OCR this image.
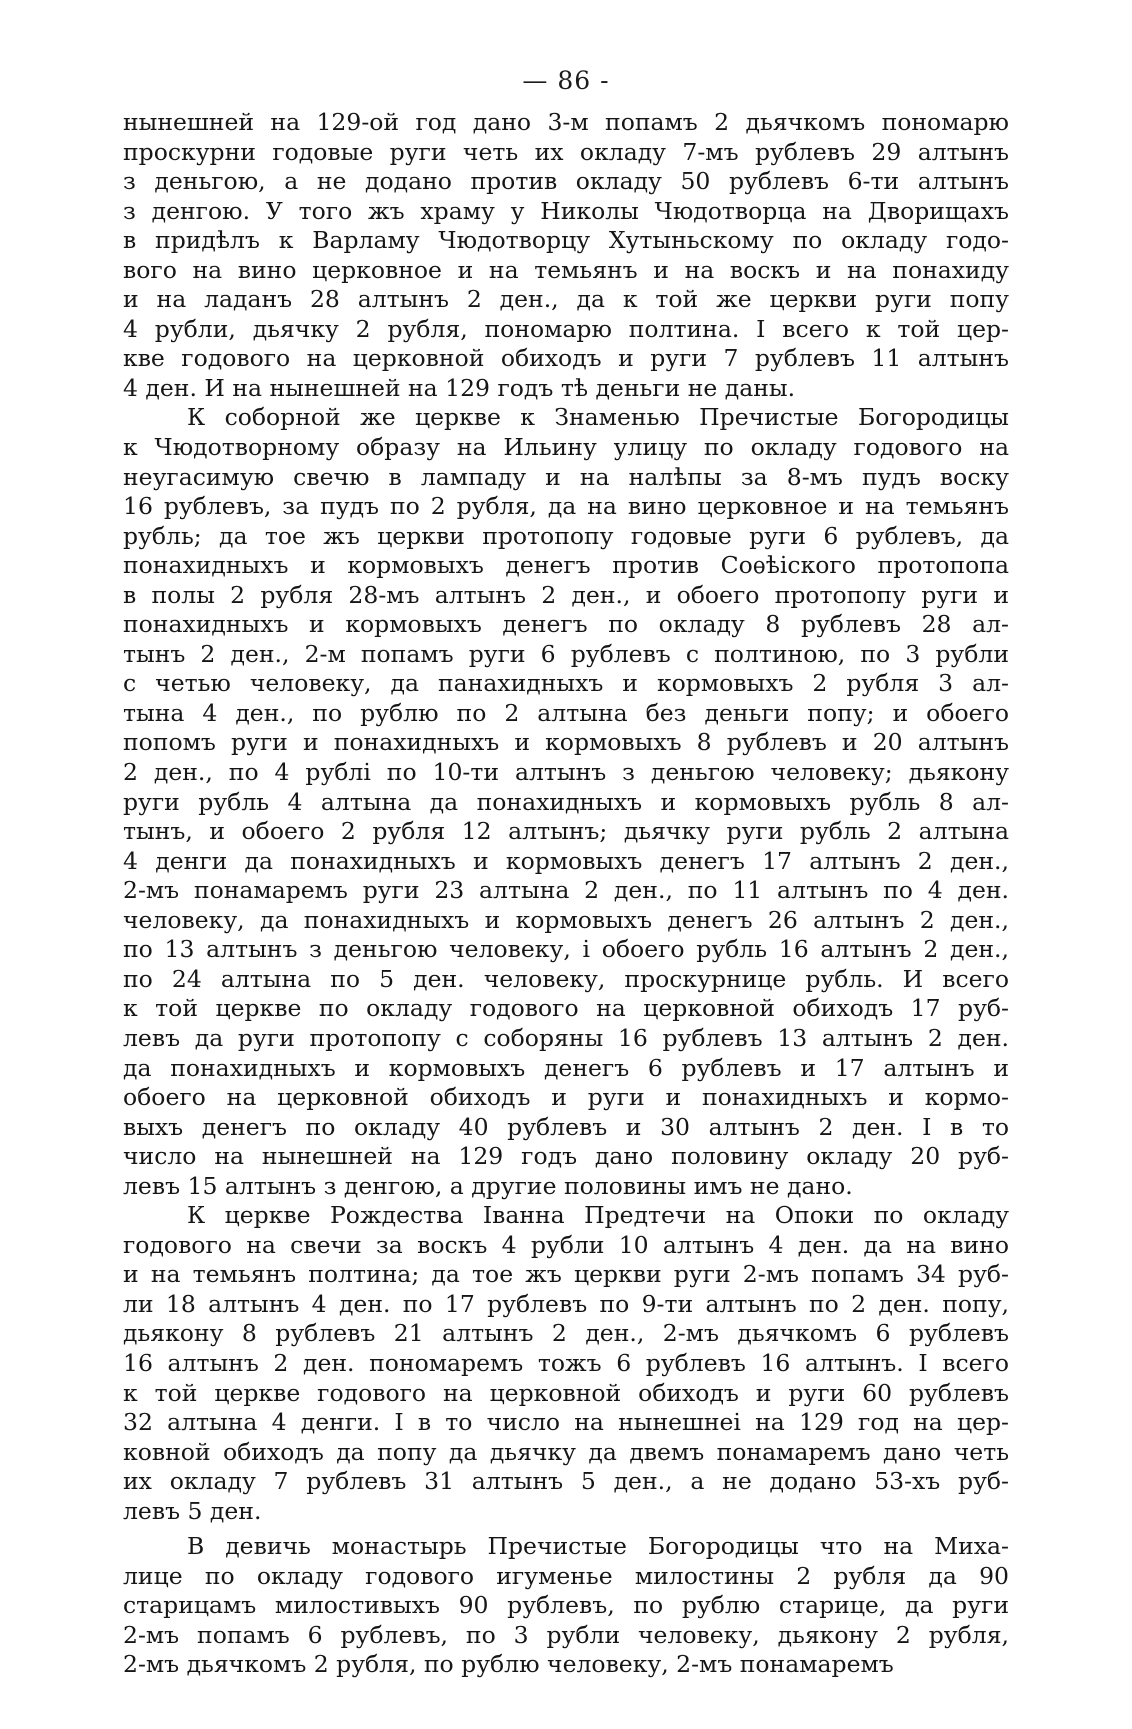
— 86 -
нынешней на 129-ой год дано 3-м попамъ 2 дьячкомъ пономарю
проскурни годовые руги четь их окладу 7-мъ рублевъ 29 алтынъ
з деньгою, а не додано против окладу 50 рублевъ 6-ти алтынъ
з денгою. У того жъ храму у Николы Чюдотворца на Дворищахъ
в придѣлъ к Варламу Чюдотворцу Хутыньскому по окладу годо-
вого на вино церковное и на темьянъ и на воскъ и на понахиду
и на ладанъ 28 алтынъ 2 ден., да к той же церкви руги попу
4 рубли, дьячку 2 рубля, пономарю полтина. І всего к той цер-
кве годового на церковной обиходъ и руги 7 рублевъ 11 алтынъ
4 ден. И на нынешней на 129 годъ тѣ деньги не даны.
К соборной же церкве к Знаменью Пречистые Богородицы
к Чюдотворному образу на Ильину улицу по окладу годового на
неугасимую свечю в лампаду и на налѣпы за 8-мъ пудъ воску
16 рублевъ, за пудъ по 2 рубля, да на вино церковное и на темьянъ
рубль; да тое жъ церкви протопопу годовые руги 6 рублевъ, да
понахидныхъ и кормовыхъ денегъ против Соѳѣіского протопопа
в полы 2 рубля 28-мъ алтынъ 2 ден., и обоего протопопу руги и
понахидныхъ и кормовыхъ денегъ по окладу 8 рублевъ 28 ал-
тынъ 2 ден., 2-м попамъ руги 6 рублевъ с полтиною, по 3 рубли
с четью человеку, да панахидныхъ и кормовыхъ 2 рубля 3 ал-
тына 4 ден., по рублю по 2 алтына без деньги попу; и обоего
попомъ руги и понахидныхъ и кормовыхъ 8 рублевъ и 20 алтынъ
2 ден., по 4 рублі по 10-ти алтынъ з деньгою человеку; дьякону
руги рубль 4 алтына да понахидныхъ и кормовыхъ рубль 8 ал-
тынъ, и обоего 2 рубля 12 алтынъ; дьячку руги рубль 2 алтына
4 денги да понахидныхъ и кормовыхъ денегъ 17 алтынъ 2 ден.,
2-мъ понамаремъ руги 23 алтына 2 ден., по 11 алтынъ по 4 ден.
человеку, да понахидныхъ и кормовыхъ денегъ 26 алтынъ 2 ден.,
по 13 алтынъ з деньгою человеку, і обоего рубль 16 алтынъ 2 ден.,
по 24 алтына по 5 ден. человеку, проскурнице рубль. И всего
к той церкве по окладу годового на церковной обиходъ 17 руб-
левъ да руги протопопу с соборяны 16 рублевъ 13 алтынъ 2 ден.
да понахидныхъ и кормовыхъ денегъ 6 рублевъ и 17 алтынъ и
обоего на церковной обиходъ и руги и понахидныхъ и кормо-
выхъ денегъ по окладу 40 рублевъ и 30 алтынъ 2 ден. І в то
число на нынешней на 129 годъ дано половину окладу 20 руб-
левъ 15 алтынъ з денгою, а другие половины имъ не дано.
К церкве Рождества Іванна Предтечи на Опоки по окладу
годового на свечи за воскъ 4 рубли 10 алтынъ 4 ден. да на вино
и на темьянъ полтина; да тое жъ церкви руги 2-мъ попамъ 34 руб-
ли 18 алтынъ 4 ден. по 17 рублевъ по 9-ти алтынъ по 2 ден. попу,
дьякону 8 рублевъ 21 алтынъ 2 ден., 2-мъ дьячкомъ 6 рублевъ
16 алтынъ 2 ден. пономаремъ тожъ 6 рублевъ 16 алтынъ. І всего
к той церкве годового на церковной обиходъ и руги 60 рублевъ
32 алтына 4 денги. І в то число на нынешнеі на 129 год на цер-
ковной обиходъ да попу да дьячку да двемъ понамаремъ дано четь
их окладу 7 рублевъ 31 алтынъ 5 ден., а не додано 53-хъ руб-
левъ 5 ден.
В девичь монастырь Пречистые Богородицы что на Миха-
лице по окладу годового игуменье милостины 2 рубля да 90
старицамъ милостивыхъ 90 рублевъ, по рублю старице, да руги
2-мъ попамъ 6 рублевъ, по 3 рубли человеку, дьякону 2 рубля,
2-мъ дьячкомъ 2 рубля, по рублю человеку, 2-мъ понамаремъ
